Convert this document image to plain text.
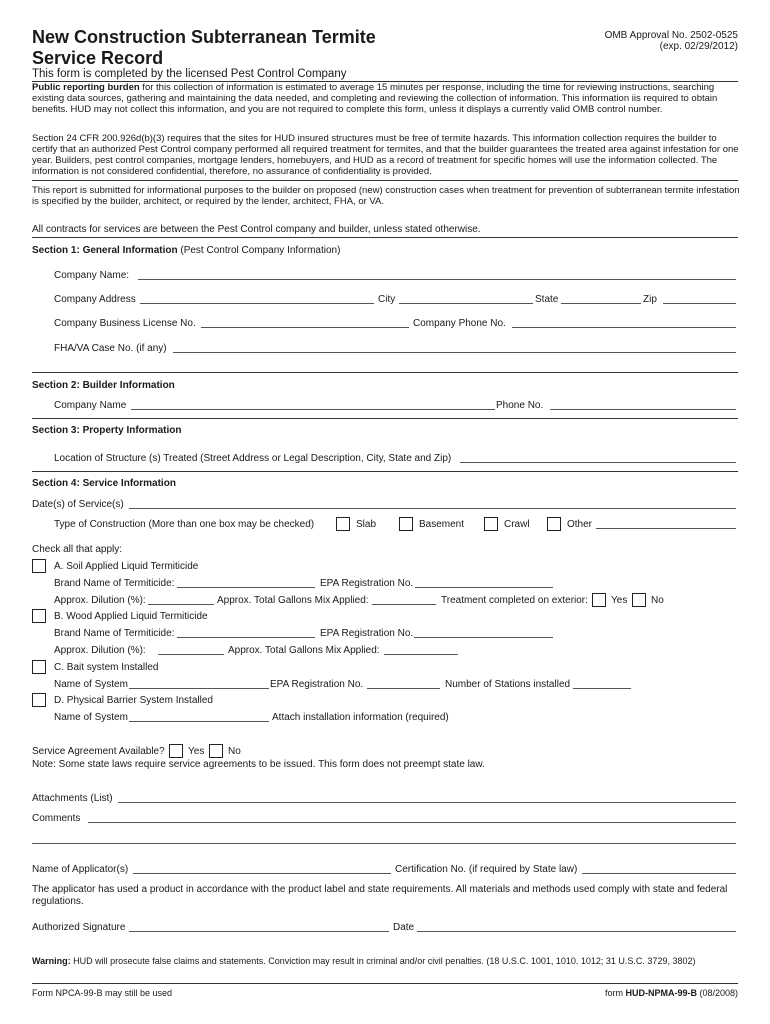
New Construction Subterranean Termite
Service Record
OMB Approval No. 2502-0525
(exp. 02/29/2012)
This form is completed by the licensed Pest Control Company
Public reporting burden for this collection of information is estimated to average 15 minutes per response, including the time for reviewing instructions, searching existing data sources, gathering and maintaining the data needed, and completing and reviewing the collection of information. This information iis required to obtain benefits. HUD may not collect this information, and you are not required to complete this form, unless it displays a currently valid OMB control number.
Section 24 CFR 200.926d(b)(3) requires that the sites for HUD insured structures must be free of termite hazards. This information collection requires the builder to certify that an authorized Pest Control company performed all required treatment for termites, and that the builder guarantees the treated area against infestation for one year. Builders, pest control companies, mortgage lenders, homebuyers, and HUD as a record of treatment for specific homes will use the information collected. The information is not considered confidential, therefore, no assurance of confidentiality is provided.
This report is submitted for informational purposes to the builder on proposed (new) construction cases when treatment for prevention of subterranean termite infestation is specified by the builder, architect, or required by the lender, architect, FHA, or VA.
All contracts for services are between the Pest Control company and builder, unless stated otherwise.
Section 1: General Information (Pest Control Company Information)
Company Name:
Company Address	City	State	Zip
Company Business License No.	Company Phone No.
FHA/VA Case No. (if any)
Section 2: Builder Information
Company Name	Phone No.
Section 3: Property Information
Location of Structure (s) Treated (Street Address or Legal Description, City, State and Zip)
Section 4: Service Information
Date(s) of Service(s)
Type of Construction (More than one box may be checked)	Slab	Basement	Crawl	Other
Check all that apply:
A. Soil Applied Liquid Termiticide
Brand Name of Termiticide:	EPA Registration No.
Approx. Dilution (%):	Approx. Total Gallons Mix Applied:	Treatment completed on exterior: Yes No
B. Wood Applied Liquid Termiticide
Brand Name of Termiticide:	EPA Registration No.
Approx. Dilution (%):	Approx. Total Gallons Mix Applied:
C. Bait system Installed
Name of System	EPA Registration No.	Number of Stations installed
D. Physical Barrier System Installed
Name of System	Attach installation information (required)
Service Agreement Available? Yes No
Note: Some state laws require service agreements to be issued. This form does not preempt state law.
Attachments (List)
Comments
Name of Applicator(s)	Certification No. (if required by State law)
The applicator has used a product in accordance with the product label and state requirements. All materials and methods used comply with state and federal regulations.
Authorized Signature	Date
Warning: HUD will prosecute false claims and statements. Conviction may result in criminal and/or civil penalties. (18 U.S.C. 1001, 1010. 1012; 31 U.S.C. 3729, 3802)
Form NPCA-99-B may still be used	form HUD-NPMA-99-B (08/2008)
